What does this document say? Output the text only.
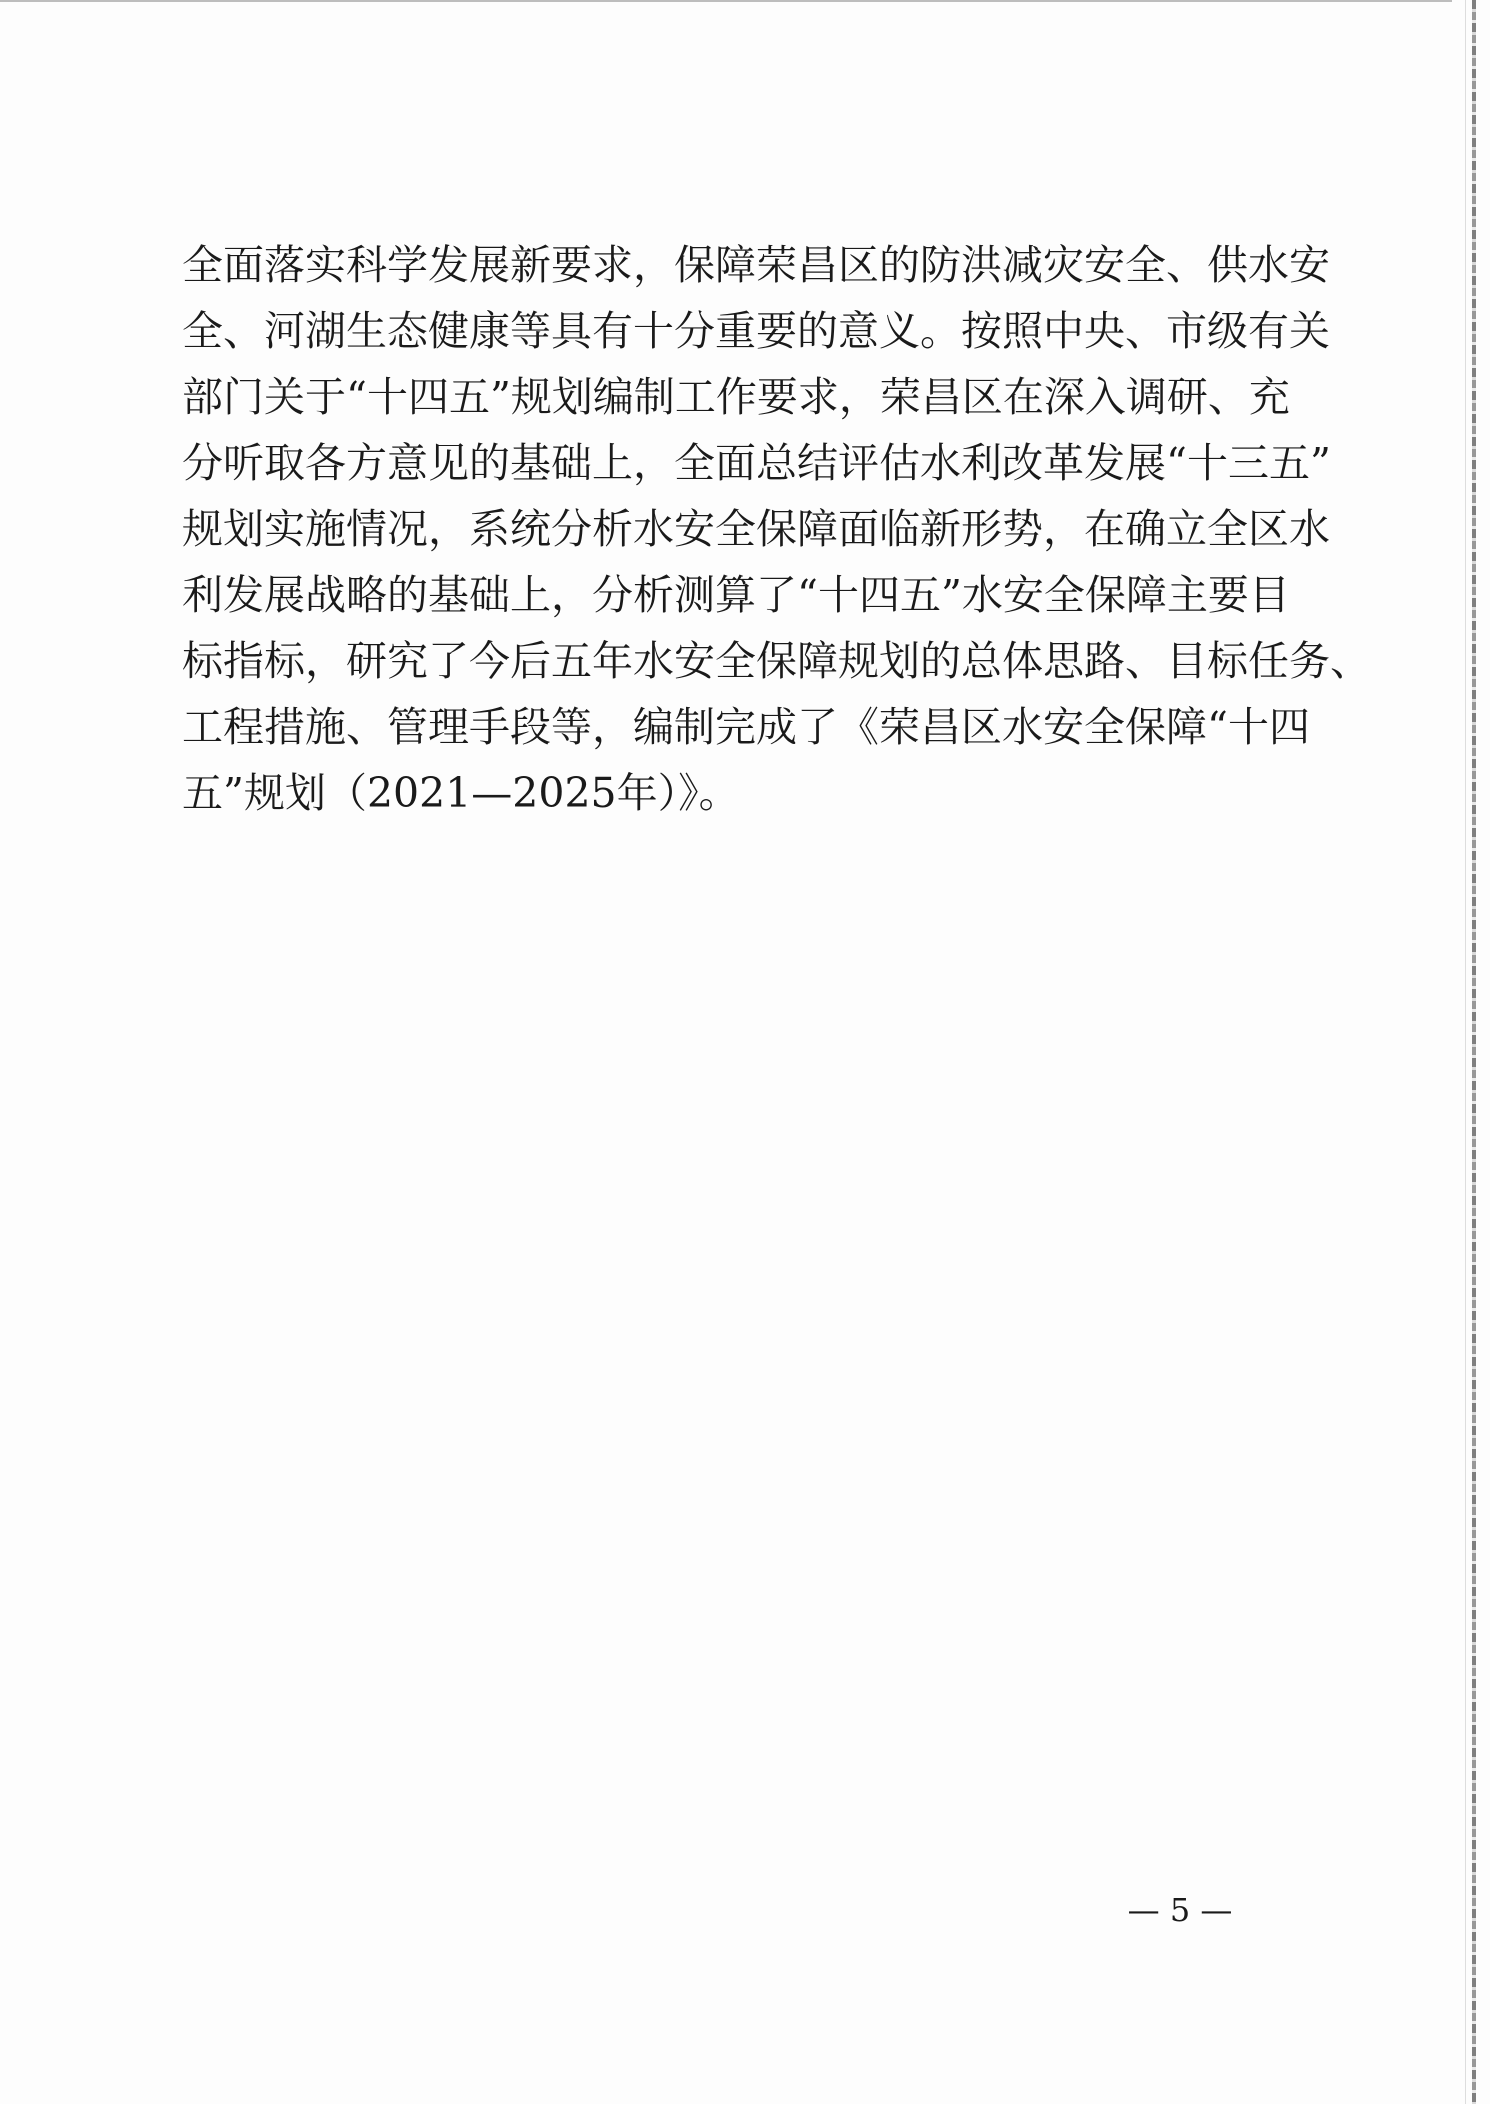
全面落实科学发展新要求，保障荣昌区的防洪减灾安全、供水安
全、河湖生态健康等具有十分重要的意义。按照中央、市级有关
部门关于“十四五”规划编制工作要求，荣昌区在深入调研、充
分听取各方意见的基础上，全面总结评估水利改革发展“十三五”
规划实施情况，系统分析水安全保障面临新形势，在确立全区水
利发展战略的基础上，分析测算了“十四五”水安全保障主要目
标指标，研究了今后五年水安全保障规划的总体思路、目标任务、
工程措施、管理手段等，编制完成了《荣昌区水安全保障“十四
五”规划（2021—2025年）》。
— 5 —
